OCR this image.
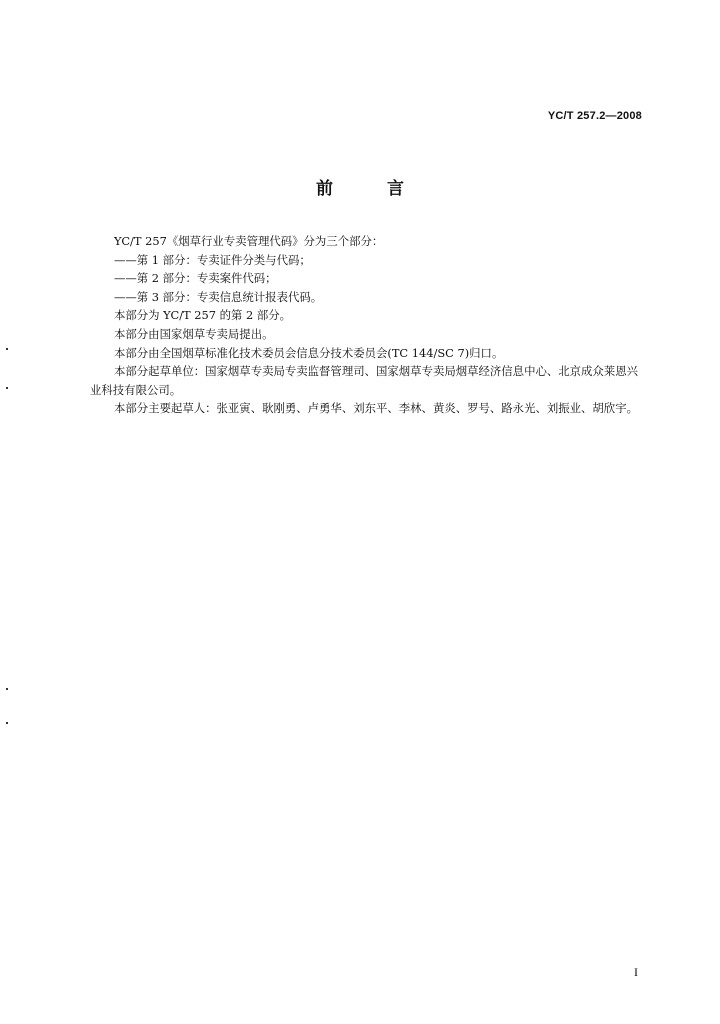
YC/T 257.2—2008
前 言

YC/T 257《烟草行业专卖管理代码》分为三个部分：

——第 1 部分：专卖证件分类与代码；

——第 2 部分：专卖案件代码；

——第 3 部分：专卖信息统计报表代码。

本部分为 YC/T 257 的第 2 部分。

本部分由国家烟草专卖局提出。

本部分由全国烟草标准化技术委员会信息分技术委员会(TC 144/SC 7)归口。

本部分起草单位：国家烟草专卖局专卖监督管理司、国家烟草专卖局烟草经济信息中心、北京成众莱恩兴业科技有限公司。

本部分主要起草人：张亚寅、耿刚勇、卢勇华、刘东平、李林、黄炎、罗号、路永光、刘振业、胡欣宇。

I
